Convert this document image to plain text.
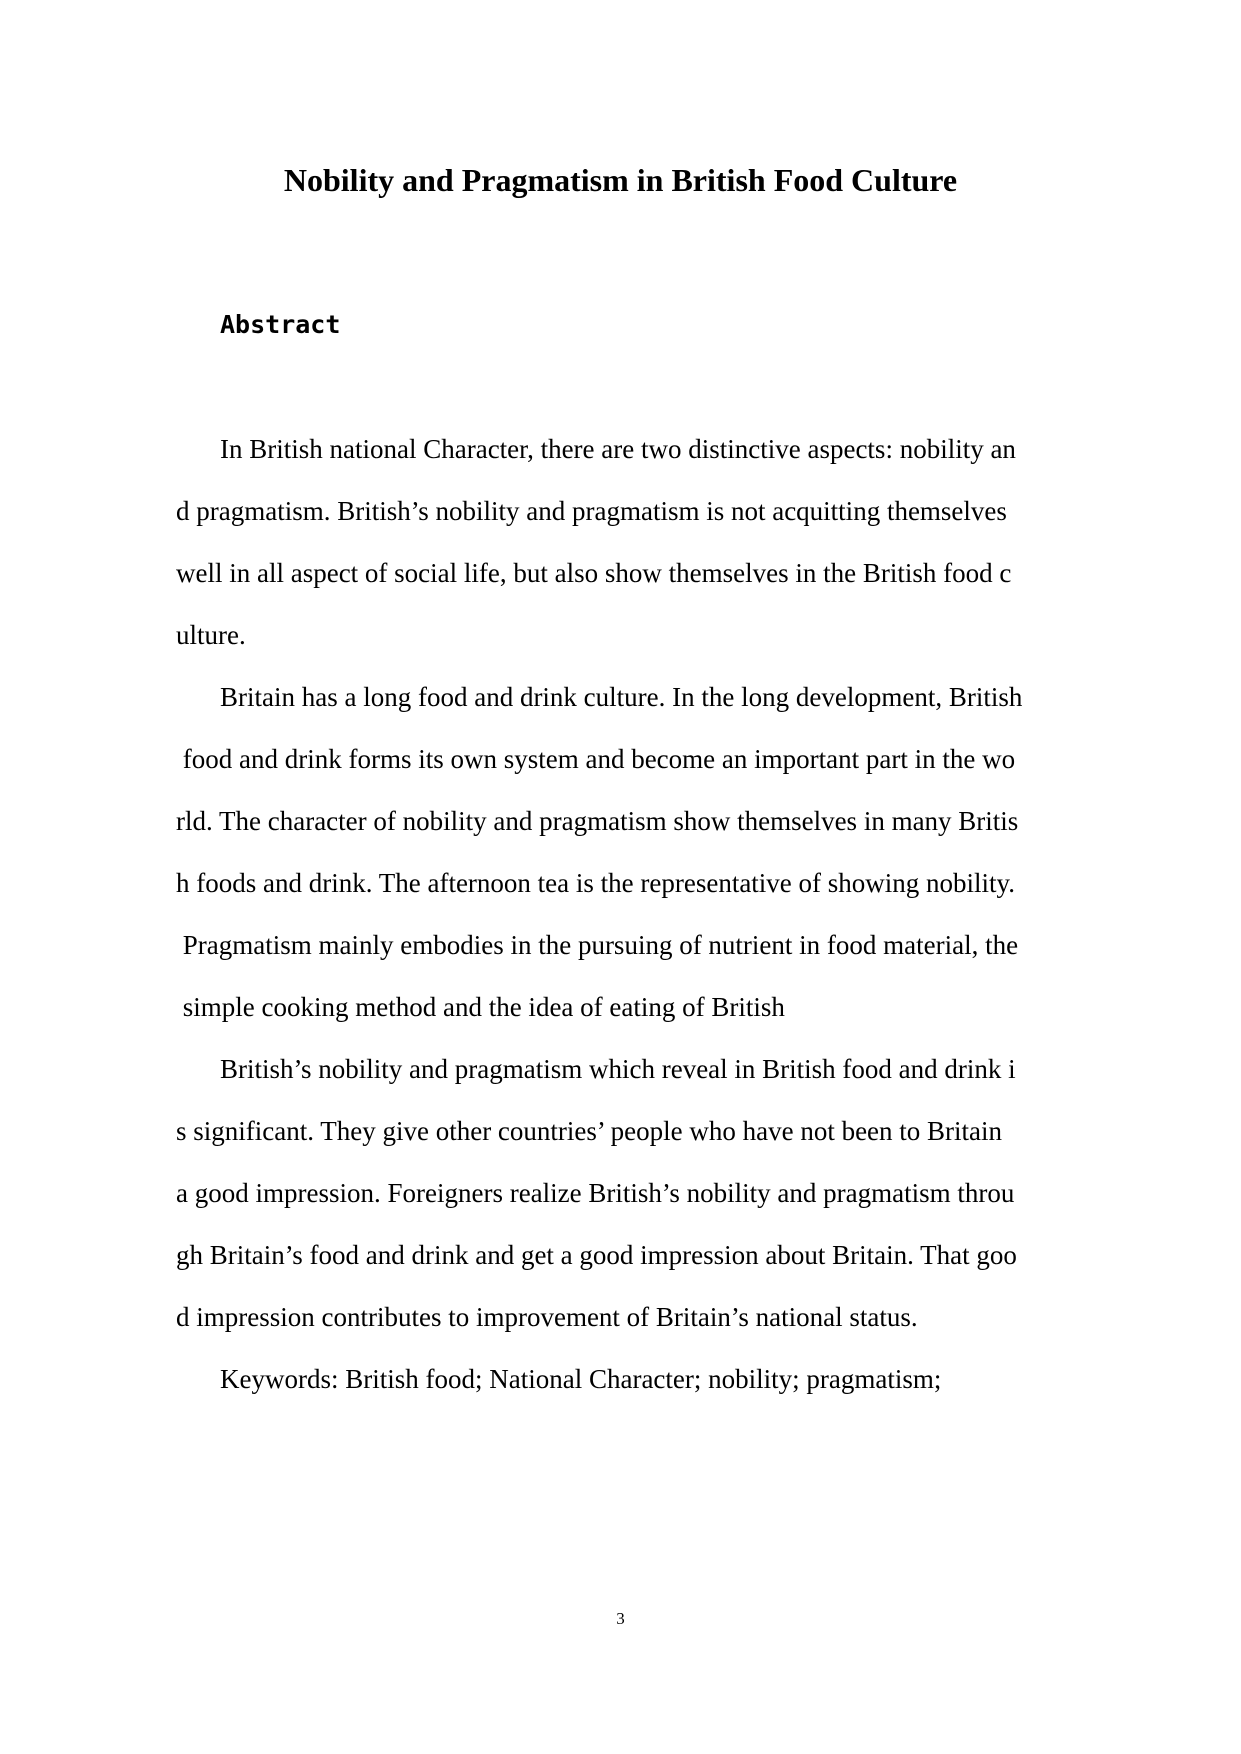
Nobility and Pragmatism in British Food Culture
Abstract
In British national Character, there are two distinctive aspects: nobility an
d pragmatism. British’s nobility and pragmatism is not acquitting themselves
well in all aspect of social life, but also show themselves in the British food c
ulture.
Britain has a long food and drink culture. In the long development, British
food and drink forms its own system and become an important part in the wo
rld. The character of nobility and pragmatism show themselves in many Britis
h foods and drink. The afternoon tea is the representative of showing nobility.
Pragmatism mainly embodies in the pursuing of nutrient in food material, the
simple cooking method and the idea of eating of British
British’s nobility and pragmatism which reveal in British food and drink i
s significant. They give other countries’ people who have not been to Britain
a good impression. Foreigners realize British’s nobility and pragmatism throu
gh Britain’s food and drink and get a good impression about Britain. That goo
d impression contributes to improvement of Britain’s national status.
Keywords: British food; National Character; nobility; pragmatism;
3
